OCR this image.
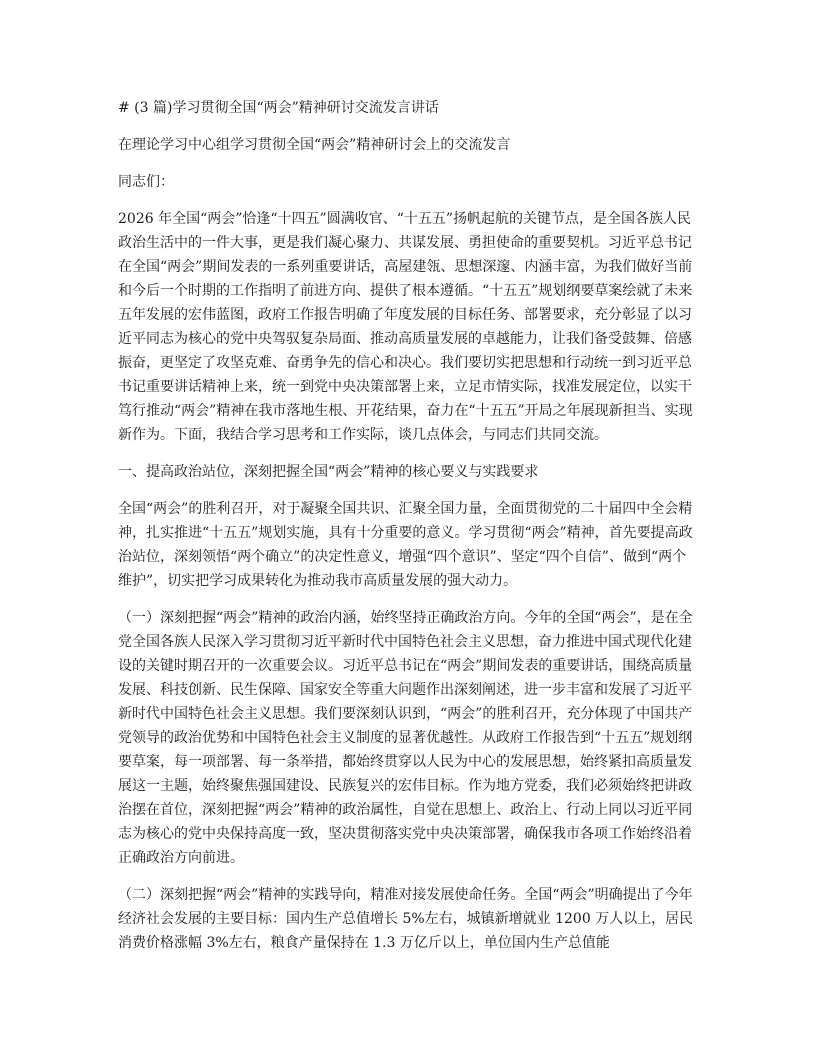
# (3 篇)学习贯彻全国“两会”精神研讨交流发言讲话

在理论学习中心组学习贯彻全国“两会”精神研讨会上的交流发言

同志们：

2026 年全国“两会”恰逢“十四五”圆满收官、“十五五”扬帆起航的关键节点，是全国各族人民政治生活中的一件大事，更是我们凝心聚力、共谋发展、勇担使命的重要契机。习近平总书记在全国“两会”期间发表的一系列重要讲话，高屋建瓴、思想深邃、内涵丰富，为我们做好当前和今后一个时期的工作指明了前进方向、提供了根本遵循。“十五五”规划纲要草案绘就了未来五年发展的宏伟蓝图，政府工作报告明确了年度发展的目标任务、部署要求，充分彰显了以习近平同志为核心的党中央驾驭复杂局面、推动高质量发展的卓越能力，让我们备受鼓舞、倍感振奋，更坚定了攻坚克难、奋勇争先的信心和决心。我们要切实把思想和行动统一到习近平总书记重要讲话精神上来，统一到党中央决策部署上来，立足市情实际，找准发展定位，以实干笃行推动“两会”精神在我市落地生根、开花结果，奋力在“十五五”开局之年展现新担当、实现新作为。下面，我结合学习思考和工作实际，谈几点体会，与同志们共同交流。

一、提高政治站位，深刻把握全国“两会”精神的核心要义与实践要求

全国“两会”的胜利召开，对于凝聚全国共识、汇聚全国力量，全面贯彻党的二十届四中全会精神，扎实推进“十五五”规划实施，具有十分重要的意义。学习贯彻“两会”精神，首先要提高政治站位，深刻领悟“两个确立”的决定性意义，增强“四个意识”、坚定“四个自信”、做到“两个维护”，切实把学习成果转化为推动我市高质量发展的强大动力。

（一）深刻把握“两会”精神的政治内涵，始终坚持正确政治方向。今年的全国“两会”，是在全党全国各族人民深入学习贯彻习近平新时代中国特色社会主义思想，奋力推进中国式现代化建设的关键时期召开的一次重要会议。习近平总书记在“两会”期间发表的重要讲话，围绕高质量发展、科技创新、民生保障、国家安全等重大问题作出深刻阐述，进一步丰富和发展了习近平新时代中国特色社会主义思想。我们要深刻认识到，“两会”的胜利召开，充分体现了中国共产党领导的政治优势和中国特色社会主义制度的显著优越性。从政府工作报告到“十五五”规划纲要草案，每一项部署、每一条举措，都始终贯穿以人民为中心的发展思想，始终紧扣高质量发展这一主题，始终聚焦强国建设、民族复兴的宏伟目标。作为地方党委，我们必须始终把讲政治摆在首位，深刻把握“两会”精神的政治属性，自觉在思想上、政治上、行动上同以习近平同志为核心的党中央保持高度一致，坚决贯彻落实党中央决策部署，确保我市各项工作始终沿着正确政治方向前进。

（二）深刻把握“两会”精神的实践导向，精准对接发展使命任务。全国“两会”明确提出了今年经济社会发展的主要目标：国内生产总值增长 5%左右，城镇新增就业 1200 万人以上，居民消费价格涨幅 3%左右，粮食产量保持在 1.3 万亿斤以上，单位国内生产总值能
